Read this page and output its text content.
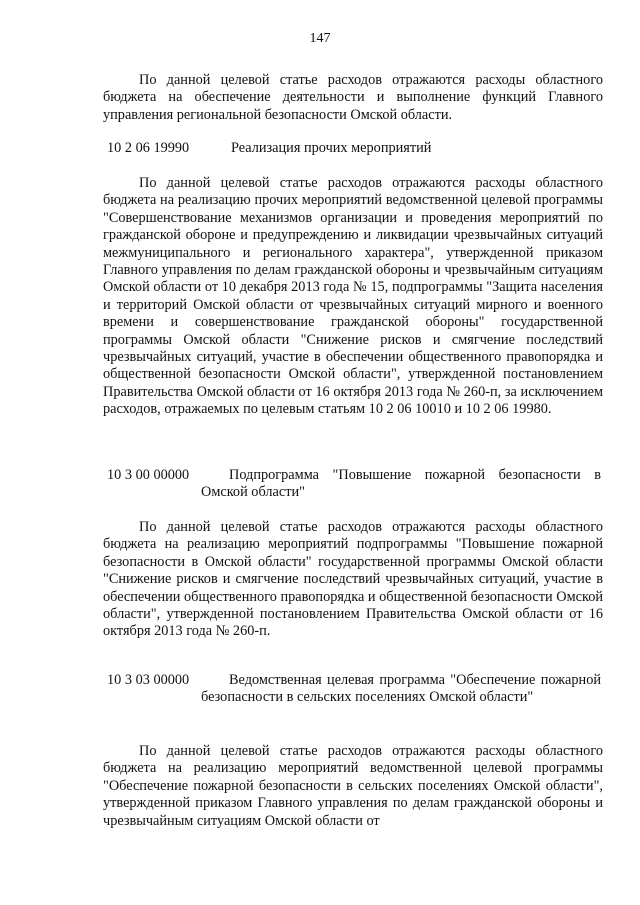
147

По данной целевой статье расходов отражаются расходы областного бюджета на обеспечение деятельности и выполнение функций Главного управления региональной безопасности Омской области.

10 2 06 19990	Реализация прочих мероприятий

По данной целевой статье расходов отражаются расходы областного бюджета на реализацию прочих мероприятий ведомственной целевой программы "Совершенствование механизмов организации и проведения мероприятий по гражданской обороне и предупреждению и ликвидации чрезвычайных ситуаций межмуниципального и регионального характера", утвержденной приказом Главного управления по делам гражданской обороны и чрезвычайным ситуациям Омской области от 10 декабря 2013 года № 15, подпрограммы "Защита населения и территорий Омской области от чрезвычайных ситуаций мирного и военного времени и совершенствование гражданской обороны" государственной программы Омской области "Снижение рисков и смягчение последствий чрезвычайных ситуаций, участие в обеспечении общественного правопорядка и общественной безопасности Омской области", утвержденной постановлением Правительства Омской области от 16 октября 2013 года № 260-п, за исключением расходов, отражаемых по целевым статьям 10 2 06 10010 и 10 2 06 19980.

10 3 00 00000	Подпрограмма "Повышение пожарной безопасности в Омской области"

По данной целевой статье расходов отражаются расходы областного бюджета на реализацию мероприятий подпрограммы "Повышение пожарной безопасности в Омской области" государственной программы Омской области "Снижение рисков и смягчение последствий чрезвычайных ситуаций, участие в обеспечении общественного правопорядка и общественной безопасности Омской области", утвержденной постановлением Правительства Омской области от 16 октября 2013 года № 260-п.

10 3 03 00000	Ведомственная целевая программа "Обеспечение пожарной безопасности в сельских поселениях Омской области"

По данной целевой статье расходов отражаются расходы областного бюджета на реализацию мероприятий ведомственной целевой программы "Обеспечение пожарной безопасности в сельских поселениях Омской области", утвержденной приказом Главного управления по делам гражданской обороны и чрезвычайным ситуациям Омской области от
